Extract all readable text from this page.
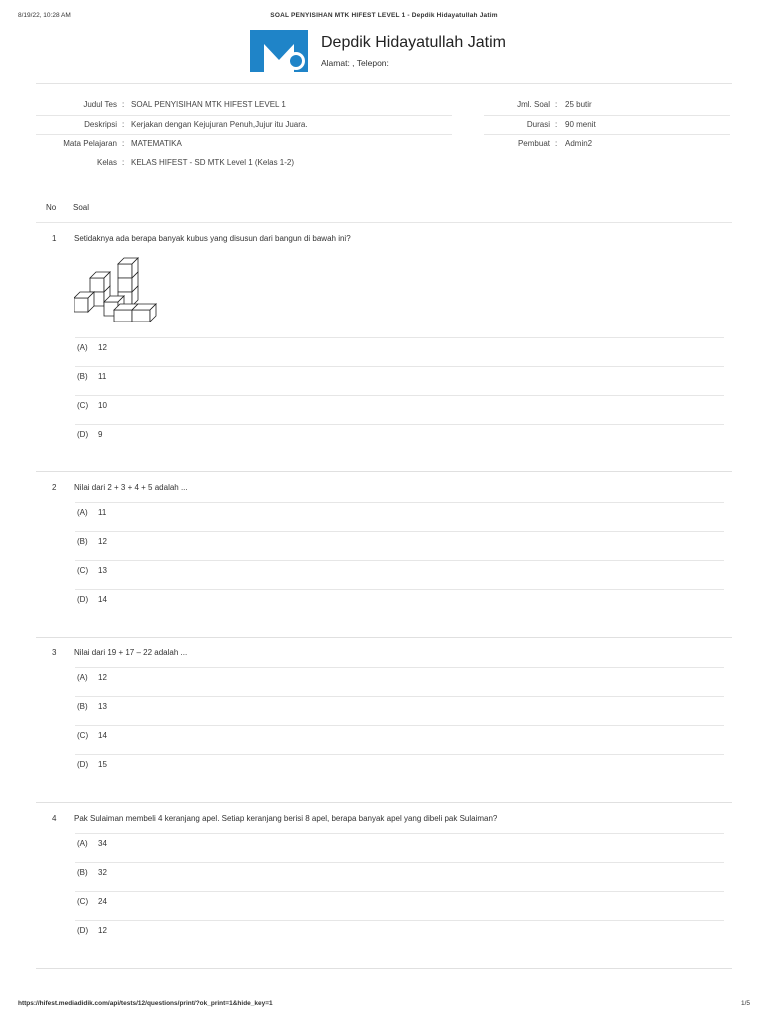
8/19/22, 10:28 AM	SOAL PENYISIHAN MTK HIFEST LEVEL 1 - Depdik Hidayatullah Jatim
Depdik Hidayatullah Jatim
Alamat: , Telepon:
Judul Tes : SOAL PENYISIHAN MTK HIFEST LEVEL 1
Deskripsi : Kerjakan dengan Kejujuran Penuh,Jujur itu Juara.
Mata Pelajaran : MATEMATIKA
Kelas : KELAS HIFEST - SD MTK Level 1 (Kelas 1-2)
Jml. Soal : 25 butir
Durasi : 90 menit
Pembuat : Admin2
No Soal
1 Setidaknya ada berapa banyak kubus yang disusun dari bangun di bawah ini?
(A) 12
(B) 11
(C) 10
(D) 9
2 Nilai dari 2 + 3 + 4 + 5 adalah ...
(A) 11
(B) 12
(C) 13
(D) 14
3 Nilai dari 19 + 17 – 22 adalah ...
(A) 12
(B) 13
(C) 14
(D) 15
4 Pak Sulaiman membeli 4 keranjang apel. Setiap keranjang berisi 8 apel, berapa banyak apel yang dibeli pak Sulaiman?
(A) 34
(B) 32
(C) 24
(D) 12
https://hifest.mediadidik.com/api/tests/12/questions/print/?ok_print=1&hide_key=1	1/5
